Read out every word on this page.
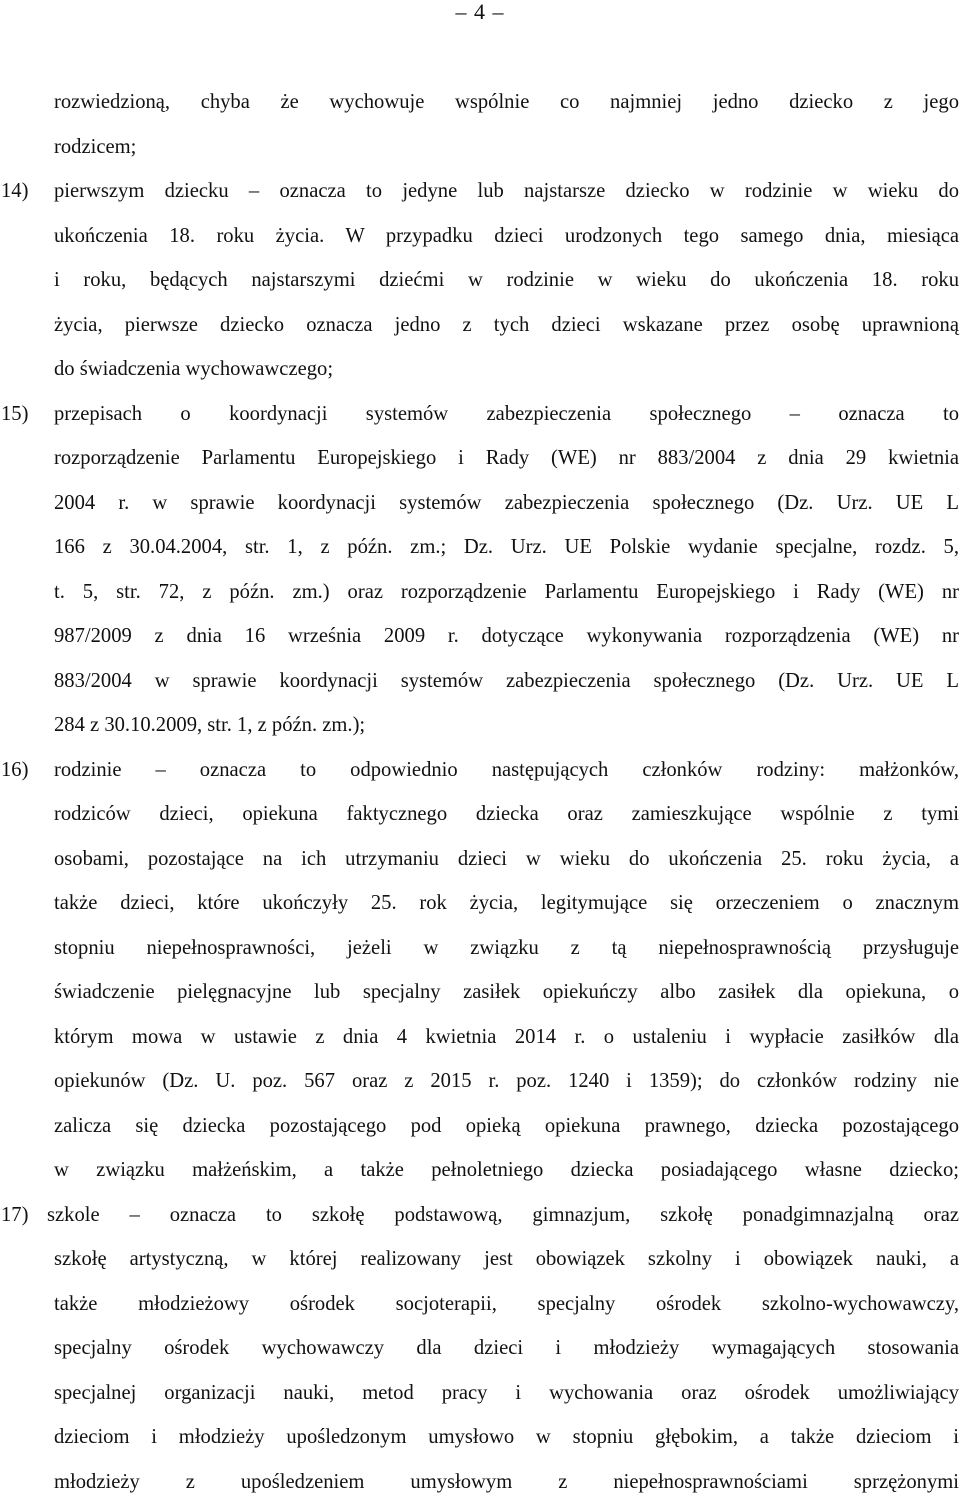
– 4 –
rozwiedzioną, chyba że wychowuje wspólnie co najmniej jedno dziecko z jego
rodzicem;
14) pierwszym dziecku – oznacza to jedyne lub najstarsze dziecko w rodzinie w wieku do
ukończenia 18. roku życia. W przypadku dzieci urodzonych tego samego dnia, miesiąca
i roku, będących najstarszymi dziećmi w rodzinie w wieku do ukończenia 18. roku
życia, pierwsze dziecko oznacza jedno z tych dzieci wskazane przez osobę uprawnioną
do świadczenia wychowawczego;
15) przepisach o koordynacji systemów zabezpieczenia społecznego – oznacza to
rozporządzenie Parlamentu Europejskiego i Rady (WE) nr 883/2004 z dnia 29 kwietnia
2004 r. w sprawie koordynacji systemów zabezpieczenia społecznego (Dz. Urz. UE L
166 z 30.04.2004, str. 1, z późn. zm.; Dz. Urz. UE Polskie wydanie specjalne, rozdz. 5,
t. 5, str. 72, z późn. zm.) oraz rozporządzenie Parlamentu Europejskiego i Rady (WE) nr
987/2009 z dnia 16 września 2009 r. dotyczące wykonywania rozporządzenia (WE) nr
883/2004 w sprawie koordynacji systemów zabezpieczenia społecznego (Dz. Urz. UE L
284 z 30.10.2009, str. 1, z późn. zm.);
16) rodzinie – oznacza to odpowiednio następujących członków rodziny: małżonków,
rodziców dzieci, opiekuna faktycznego dziecka oraz zamieszkujące wspólnie z tymi
osobami, pozostające na ich utrzymaniu dzieci w wieku do ukończenia 25. roku życia, a
także dzieci, które ukończyły 25. rok życia, legitymujące się orzeczeniem o znacznym
stopniu niepełnosprawności, jeżeli w związku z tą niepełnosprawnością przysługuje
świadczenie pielęgnacyjne lub specjalny zasiłek opiekuńczy albo zasiłek dla opiekuna, o
którym mowa w ustawie z dnia 4 kwietnia 2014 r. o ustaleniu i wypłacie zasiłków dla
opiekunów (Dz. U. poz. 567 oraz z 2015 r. poz. 1240 i 1359); do członków rodziny nie
zalicza się dziecka pozostającego pod opieką opiekuna prawnego, dziecka pozostającego
w związku małżeńskim, a także pełnoletniego dziecka posiadającego własne dziecko;
17) szkole – oznacza to szkołę podstawową, gimnazjum, szkołę ponadgimnazjalną oraz
szkołę artystyczną, w której realizowany jest obowiązek szkolny i obowiązek nauki, a
także młodzieżowy ośrodek socjoterapii, specjalny ośrodek szkolno-wychowawczy,
specjalny ośrodek wychowawczy dla dzieci i młodzieży wymagających stosowania
specjalnej organizacji nauki, metod pracy i wychowania oraz ośrodek umożliwiający
dzieciom i młodzieży upośledzonym umysłowo w stopniu głębokim, a także dzieciom i
młodzieży z upośledzeniem umysłowym z niepełnosprawnościami sprzężonymi
